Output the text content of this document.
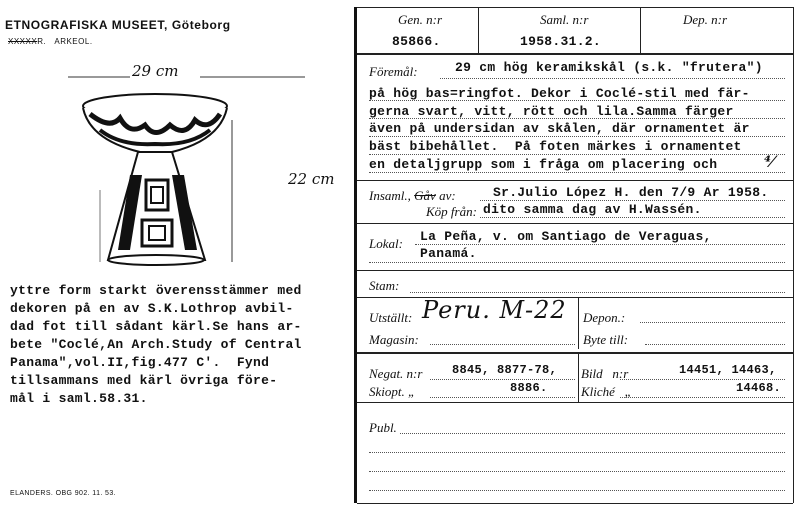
ETNOGRAFISKA MUSEET, Göteborg
XXXXXR. ARKEOL.
29 cm
22 cm
yttre form starkt överensstämmer med
dekoren på en av S.K.Lothrop avbil-
dad fot till sådant kärl.Se hans ar-
bete "Coclé,An Arch.Study of Central
Panama",vol.II,fig.477 C'.  Fynd
tillsammans med kärl övriga före-
mål i saml.58.31.
ELANDERS. OBG 902. 11. 53.
Gen. n:r	Saml. n:r	Dep. n:r
85866.	1958.31.2.
Föremål:	29 cm hög keramikskål (s.k. "frutera")
på hög bas=ringfot. Dekor i Coclé-stil med fär-
gerna svart, vitt, rött och lila.Samma färger
även på undersidan av skålen, där ornamentet är
bäst bibehållet.  På foten märkes i ornamentet
en detaljgrupp som i fråga om placering och	⁴⁄
Insaml., Gåv av:	Sr.Julio López H. den 7/9 Ar 1958.
Köp från: dito samma dag av H.Wassén.
Lokal: La Peña, v. om Santiago de Veraguas,
Panamá.
Stam:
Utställt: Peru. M-22
Magasin:
Depon.:
Byte till:
Negat. n:r 8845, 8877-78,
Skiopt. „	8886.
Bild   n:r	14451, 14463,
Kliché   „	14468.
Publ.
